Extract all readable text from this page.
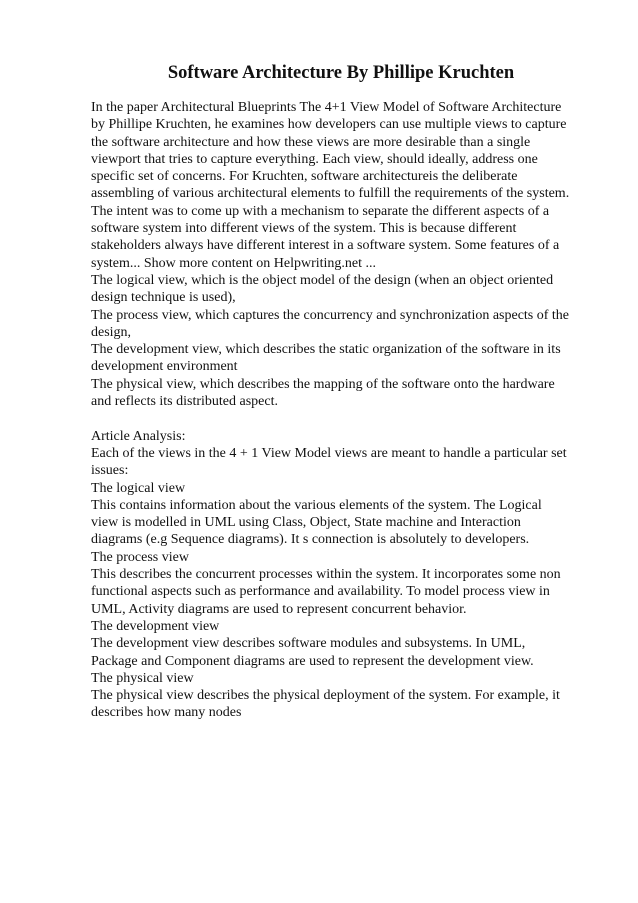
Software Architecture By Phillipe Kruchten
In the paper Architectural Blueprints The 4+1 View Model of Software Architecture
by Phillipe Kruchten, he examines how developers can use multiple views to capture
the software architecture and how these views are more desirable than a single
viewport that tries to capture everything. Each view, should ideally, address one
specific set of concerns. For Kruchten, software architectureis the deliberate
assembling of various architectural elements to fulfill the requirements of the system.
The intent was to come up with a mechanism to separate the different aspects of a
software system into different views of the system. This is because different
stakeholders always have different interest in a software system. Some features of a
system... Show more content on Helpwriting.net ...
The logical view, which is the object model of the design (when an object oriented
design technique is used),
The process view, which captures the concurrency and synchronization aspects of the
design,
The development view, which describes the static organization of the software in its
development environment
The physical view, which describes the mapping of the software onto the hardware
and reflects its distributed aspect.
Article Analysis:
Each of the views in the 4 + 1 View Model views are meant to handle a particular set
issues:
The logical view
This contains information about the various elements of the system. The Logical
view is modelled in UML using Class, Object, State machine and Interaction
diagrams (e.g Sequence diagrams). It s connection is absolutely to developers.
The process view
This describes the concurrent processes within the system. It incorporates some non
functional aspects such as performance and availability. To model process view in
UML, Activity diagrams are used to represent concurrent behavior.
The development view
The development view describes software modules and subsystems. In UML,
Package and Component diagrams are used to represent the development view.
The physical view
The physical view describes the physical deployment of the system. For example, it
describes how many nodes
